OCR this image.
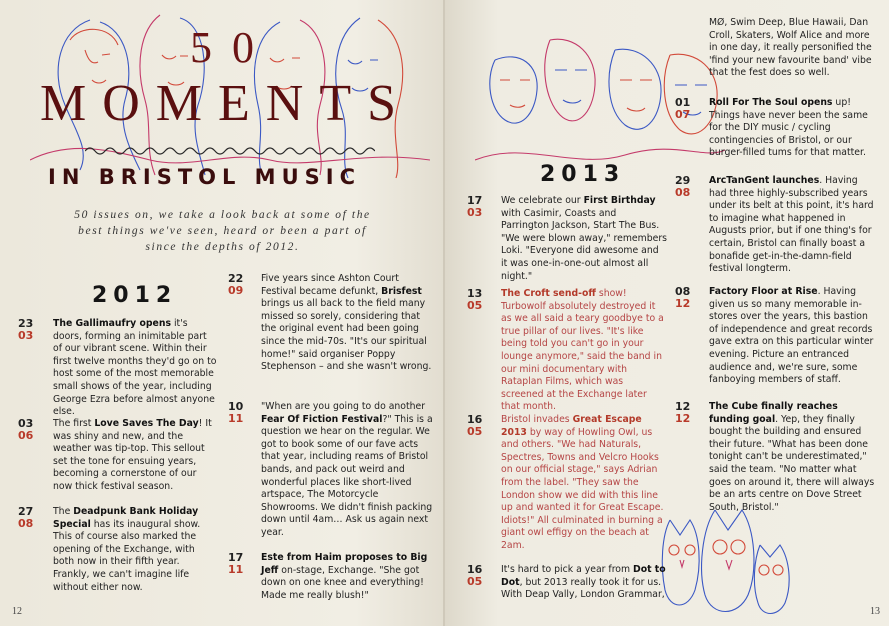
50
MOMENTS
IN BRISTOL MUSIC
50 issues on, we take a look back at some of the best things we've seen, heard or been a part of since the depths of 2012.
2012
23
03
The Gallimaufry opens it's doors, forming an inimitable part of our vibrant scene. Within their first twelve months they'd go on to host some of the most memorable small shows of the year, including George Ezra before almost anyone else.
03
06
The first Love Saves The Day! It was shiny and new, and the weather was tip-top. This sellout set the tone for ensuing years, becoming a cornerstone of our now thick festival season.
27
08
The Deadpunk Bank Holiday Special has its inaugural show. This of course also marked the opening of the Exchange, with both now in their fifth year. Frankly, we can't imagine life without either now.
22
09
Five years since Ashton Court Festival became defunkt, Brisfest brings us all back to the field many missed so sorely, considering that the original event had been going since the mid-70s. "It's our spiritual home!" said organiser Poppy Stephenson – and she wasn't wrong.
10
11
"When are you going to do another Fear Of Fiction Festival?" This is a question we hear on the regular. We got to book some of our fave acts that year, including reams of Bristol bands, and pack out weird and wonderful places like short-lived artspace, The Motorcycle Showrooms. We didn't finish packing down until 4am… Ask us again next year.
17
11
Este from Haim proposes to Big Jeff on-stage, Exchange. "She got down on one knee and everything! Made me really blush!"
12
2013
17
03
We celebrate our First Birthday with Casimir, Coasts and Parrington Jackson, Start The Bus. "We were blown away," remembers Loki. "Everyone did awesome and it was one-in-one-out almost all night."
13
05
The Croft send-off show! Turbowolf absolutely destroyed it as we all said a teary goodbye to a true pillar of our lives. "It's like being told you can't go in your lounge anymore," said the band in our mini documentary with Rataplan Films, which was screened at the Exchange later that month.
16
05
Bristol invades Great Escape 2013 by way of Howling Owl, us and others. "We had Naturals, Spectres, Towns and Velcro Hooks on our official stage," says Adrian from the label. "They saw the London show we did with this line up and wanted it for Great Escape. Idiots!" All culminated in burning a giant owl effigy on the beach at 2am.
16
05
It's hard to pick a year from Dot to Dot, but 2013 really took it for us. With Deap Vally, London Grammar,
MØ, Swim Deep, Blue Hawaii, Dan Croll, Skaters, Wolf Alice and more in one day, it really personified the 'find your new favourite band' vibe that the fest does so well.
01
07
Roll For The Soul opens up! Things have never been the same for the DIY music / cycling contingencies of Bristol, or our burger-filled tums for that matter.
29
08
ArcTanGent launches. Having had three highly-subscribed years under its belt at this point, it's hard to imagine what happened in Augusts prior, but if one thing's for certain, Bristol can finally boast a bonafide get-in-the-damn-field festival longterm.
08
12
Factory Floor at Rise. Having given us so many memorable in-stores over the years, this bastion of independence and great records gave extra on this particular winter evening. Picture an entranced audience and, we're sure, some fanboying members of staff.
12
12
The Cube finally reaches funding goal. Yep, they finally bought the building and ensured their future. "What has been done tonight can't be underestimated," said the team. "No matter what goes on around it, there will always be an arts centre on Dove Street South, Bristol."
13
